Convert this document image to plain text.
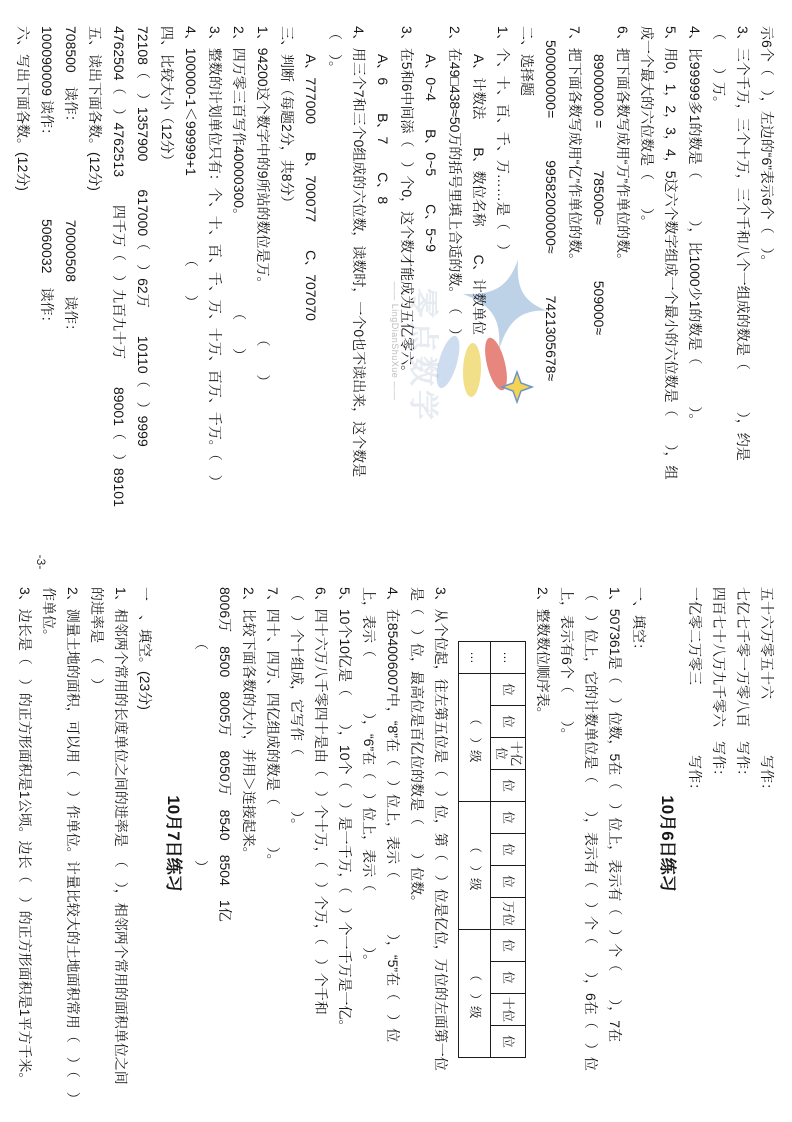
零点数学
—— LingDianShuXue ——
示6个（　），左边的“6”表示6个（　）。
3、三个千万，三个十万，三个千和八个一组成的数是（　　　），约是
（　　）万。
4、比99999多1的数是（　　　），比1000少1的数是（　　　）。
5、用0，1，2，3，4，5这六个数字组成一个最小的六位数是（　　），组
成一个最大的六位数是（　　）。
6、把下面各数写成用“万”作单位的数。
　　89000000 =　　　785000≈　　　　509000≈
7、把下面各数写成用“亿”作单位的数。
　500000000=　　　99582000000≈　　　7421305678≈
二、选择题
1、个、十、百、千、万……是（　）
　　A、计数法　　B、数位名称　　C、计数单位
2、在49□438≈50万的括号里填上合适的数。　（　）
　　A、0~4　　B、0~5　　C、5~9
3、在5和6中间添（　）个0，这个数才能成为五亿零六。
　　A、6　　B、7　　C、8
4、用三个7和三个0组成的六位数，读数时，一个0也不读出来，这个数是
（　）。
　　A、777000　　B、700077　　C、707070
三、判断（每题2分，共8分）
1、94200这个数字中的9所站的数位是万。　　　　（　　）
2、四万零三百写作40000300。　　　　　　　（　　）
3、整数的计划单位只有：个、十、百、千、万、十万、百万、千万。（　）
4、100000-1＜99999+1　　　　　　（　　）
四、比较大小（12分）
72108（　）1357900　　617000（　）62万　　10110（　）9999
4762504（　）4762513　　四千万（　）九百九十万　　89001（　）89101
五、读出下面各数。(12分)
708500　读作：　　　　　　　70000508　读作：
100090009 读作：　　　　　　5060032　读作：
六、写出下面各数。(12分)
五十六万零五十六　　　　写作：
七亿七千零一万零八百　写作：
四百七十八万九千零六　写作：
一亿零二万零三　　　　　写作：
10月6日练习
一、填空：
1、507361是（　）位数，5在（　）位上，表示有（　）个（　　），7在
（　）位上，它的计数单位是（　　），表示有（　）个（　　），6在（　）位
上，表示有6个（　　）。
2、整数数位顺序表。
…	位	位	十亿位	位	位	位	位	万位	位	位	十位	位
…	（　）级				（　）级				（　）级			
3、从个位起，往左第五位是（　）位，第（　）位是亿位，万位的左面第一位
是（　）位，最高位是百亿位的数是（　　）位数。
4、在854006007中，“8”在（　）位上，表示（　　　　），“5”在（　）位
上，表示（　　　　），“6”在（　）位上，表示（　　　　）。
5、10个10亿是（　　），10个（　）是一千万，（　）个一千万是一亿。
6、四十六万八千零四十是由（　）个十万，（　）个万，（　）个千和
（　）个十组成，它写作（　　　　）。
7、四十、四万、四亿组成的数是（　　　）。
2、比较下面各数的大小，并用＞连接起来。
8006万　8500　8005万　8050万　8540　8504　1亿
　　　　（　　　　　　　　　　　　　　　）
10月7日练习
一　、填空。(23分)
1、相邻两个常用的长度单位之间的进率是　（　），相邻两个常用的面积单位之间
的进率是　（　）
2、测量土地的面积，可以用（　）作单位。计量比较大的土地面积常用（　）（　）
作单位。
3、边长是（　）的正方形面积是1公顷。边长（　）的正方形面积是1平方千米。
-3-
